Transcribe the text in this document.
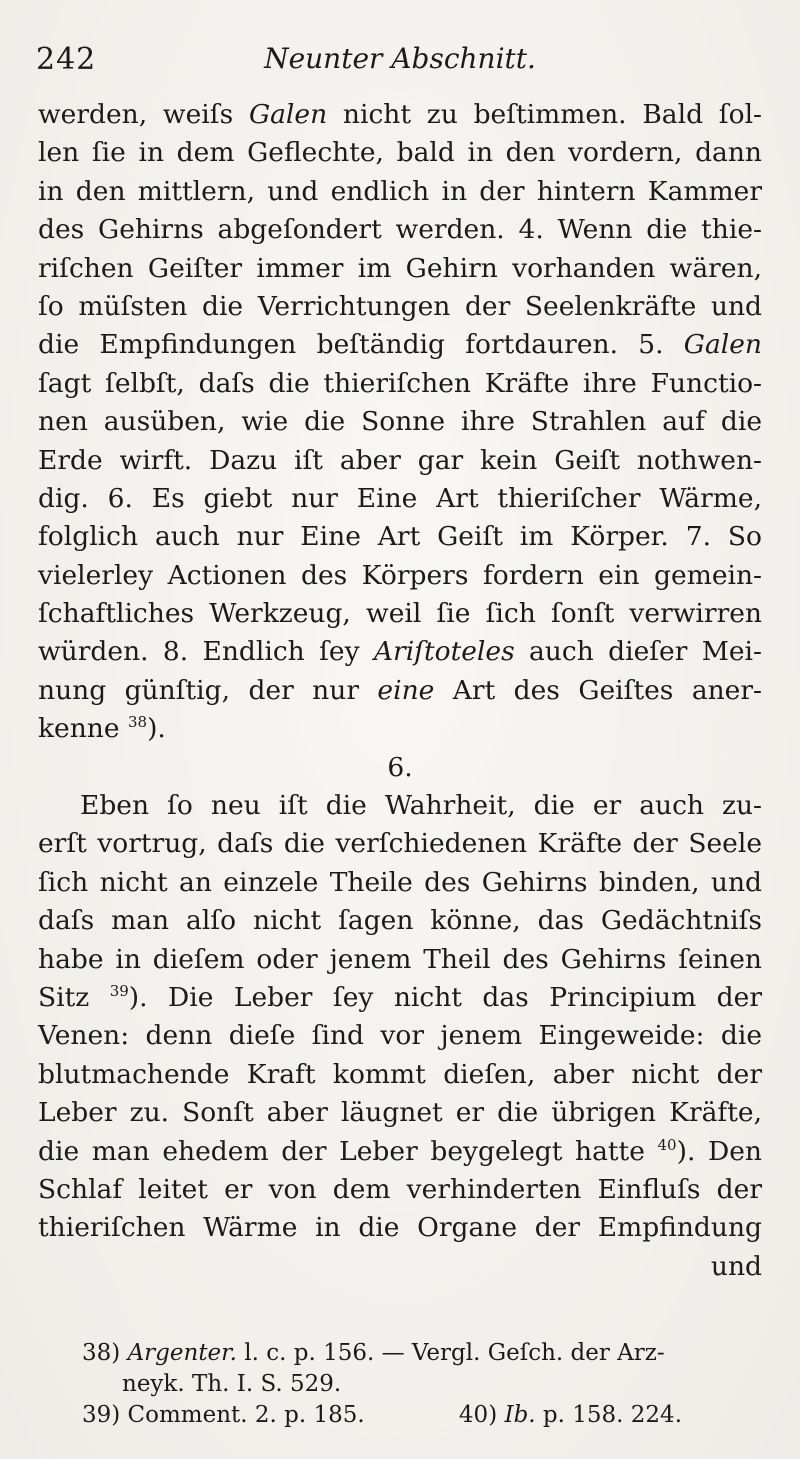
242	Neunter Abschnitt.
werden, weiſs Galen nicht zu beſtimmen. Bald ſol-
len ſie in dem Geflechte, bald in den vordern, dann
in den mittlern, und endlich in der hintern Kammer
des Gehirns abgeſondert werden. 4. Wenn die thie-
riſchen Geiſter immer im Gehirn vorhanden wären,
ſo müſsten die Verrichtungen der Seelenkräfte und
die Empfindungen beſtändig fortdauren. 5. Galen
ſagt ſelbſt, daſs die thieriſchen Kräfte ihre Functio-
nen ausüben, wie die Sonne ihre Strahlen auf die
Erde wirft. Dazu iſt aber gar kein Geiſt nothwen-
dig. 6. Es giebt nur Eine Art thieriſcher Wärme,
folglich auch nur Eine Art Geiſt im Körper. 7. So
vielerley Actionen des Körpers fordern ein gemein-
ſchaftliches Werkzeug, weil ſie ſich ſonſt verwirren
würden. 8. Endlich ſey Ariſtoteles auch dieſer Mei-
nung günſtig, der nur eine Art des Geiſtes aner-
kenne $^{38}$).
6.
Eben ſo neu iſt die Wahrheit, die er auch zu-
erſt vortrug, daſs die verſchiedenen Kräfte der Seele
ſich nicht an einzele Theile des Gehirns binden, und
daſs man alſo nicht ſagen könne, das Gedächtniſs
habe in dieſem oder jenem Theil des Gehirns ſeinen
Sitz $^{39}$). Die Leber ſey nicht das Principium der
Venen: denn dieſe ſind vor jenem Eingeweide: die
blutmachende Kraft kommt dieſen, aber nicht der
Leber zu. Sonſt aber läugnet er die übrigen Kräfte,
die man ehedem der Leber beygelegt hatte $^{40}$). Den
Schlaf leitet er von dem verhinderten Einfluſs der
thieriſchen Wärme in die Organe der Empfindung
und
38) Argenter. l. c. p. 156. — Vergl. Geſch. der Arz-
neyk. Th. I. S. 529.
39) Comment. 2. p. 185.	40) Ib. p. 158. 224.
